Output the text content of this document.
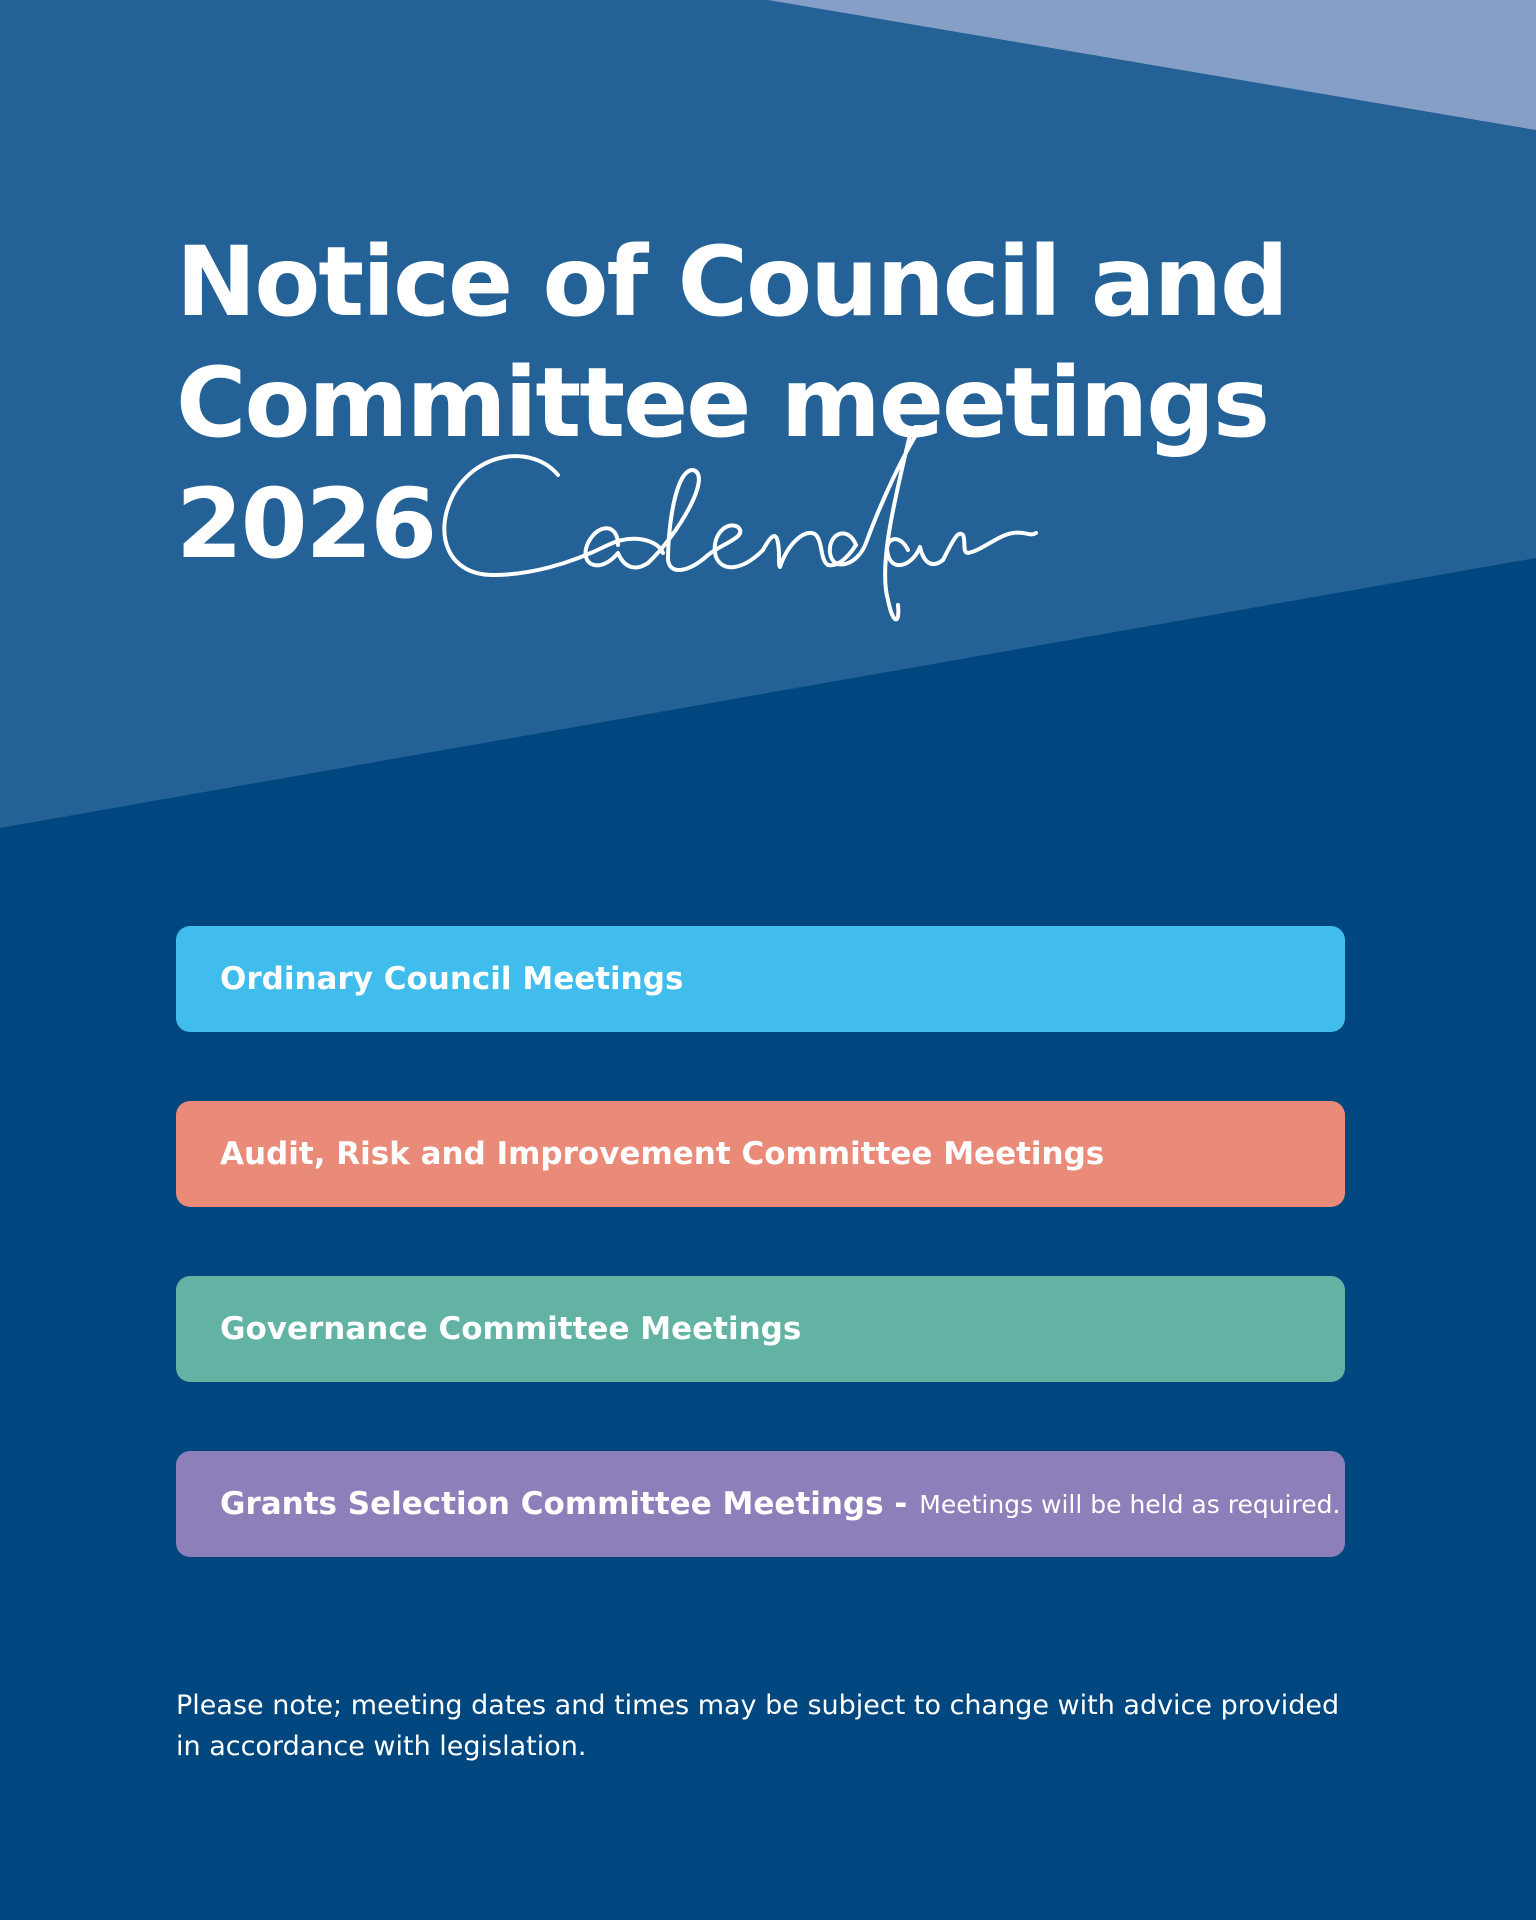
Notice of Council and
Committee meetings
2026
Ordinary Council Meetings
Audit, Risk and Improvement Committee Meetings
Governance Committee Meetings
Grants Selection Committee Meetings - Meetings will be held as required.

Please note; meeting dates and times may be subject to change with advice provided in accordance with legislation.
